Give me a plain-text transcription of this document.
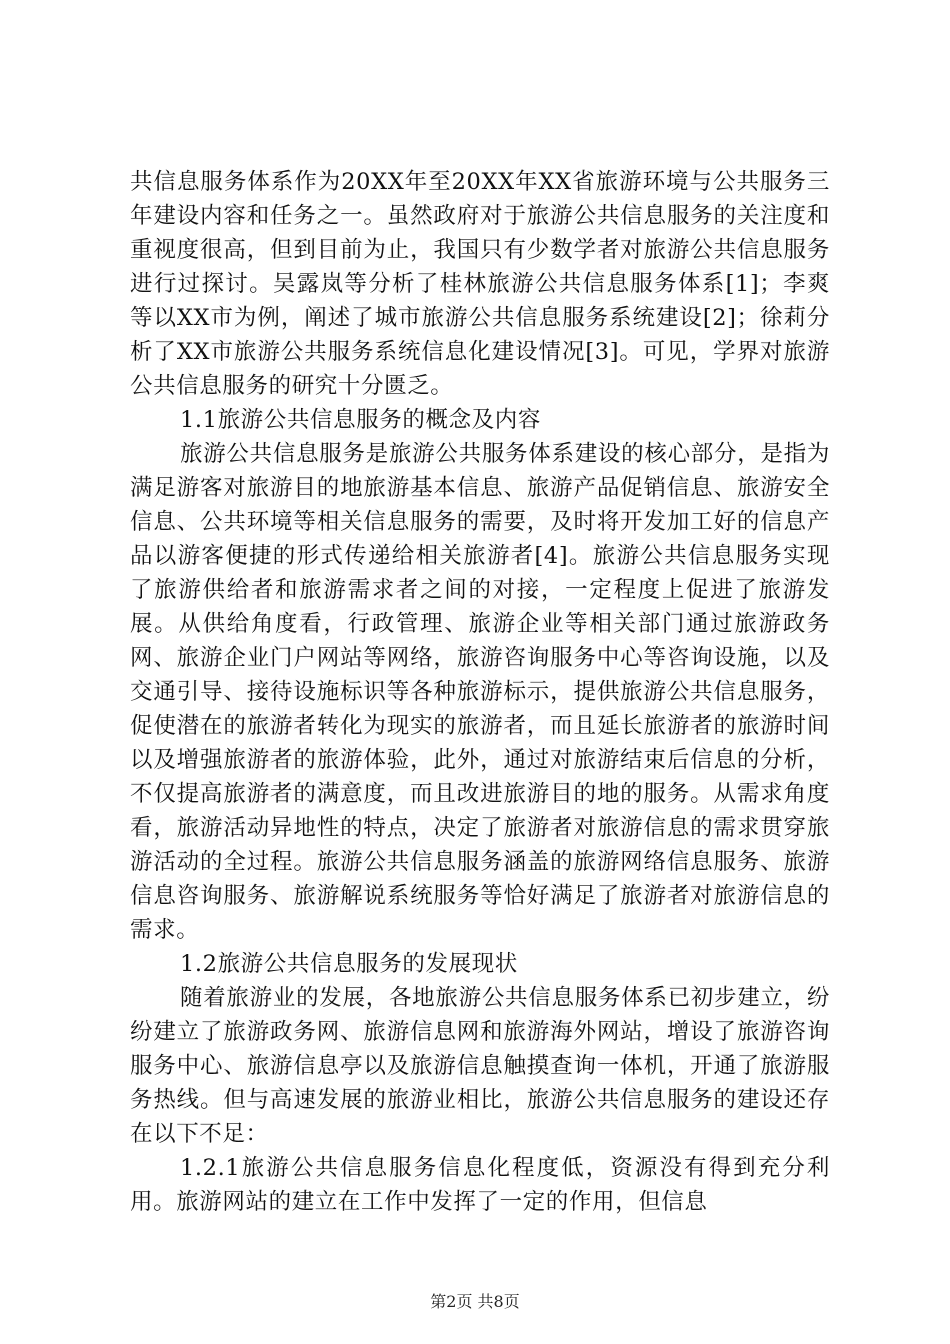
共信息服务体系作为20XX年至20XX年XX省旅游环境与公共服务三年建设内容和任务之一。虽然政府对于旅游公共信息服务的关注度和重视度很高，但到目前为止，我国只有少数学者对旅游公共信息服务进行过探讨。吴露岚等分析了桂林旅游公共信息服务体系[1]；李爽等以XX市为例，阐述了城市旅游公共信息服务系统建设[2]；徐莉分析了XX市旅游公共服务系统信息化建设情况[3]。可见，学界对旅游公共信息服务的研究十分匮乏。

1.1旅游公共信息服务的概念及内容

旅游公共信息服务是旅游公共服务体系建设的核心部分，是指为满足游客对旅游目的地旅游基本信息、旅游产品促销信息、旅游安全信息、公共环境等相关信息服务的需要，及时将开发加工好的信息产品以游客便捷的形式传递给相关旅游者[4]。旅游公共信息服务实现了旅游供给者和旅游需求者之间的对接，一定程度上促进了旅游发展。从供给角度看，行政管理、旅游企业等相关部门通过旅游政务网、旅游企业门户网站等网络，旅游咨询服务中心等咨询设施，以及交通引导、接待设施标识等各种旅游标示，提供旅游公共信息服务，促使潜在的旅游者转化为现实的旅游者，而且延长旅游者的旅游时间以及增强旅游者的旅游体验，此外，通过对旅游结束后信息的分析，不仅提高旅游者的满意度，而且改进旅游目的地的服务。从需求角度看，旅游活动异地性的特点，决定了旅游者对旅游信息的需求贯穿旅游活动的全过程。旅游公共信息服务涵盖的旅游网络信息服务、旅游信息咨询服务、旅游解说系统服务等恰好满足了旅游者对旅游信息的需求。

1.2旅游公共信息服务的发展现状

随着旅游业的发展，各地旅游公共信息服务体系已初步建立，纷纷建立了旅游政务网、旅游信息网和旅游海外网站，增设了旅游咨询服务中心、旅游信息亭以及旅游信息触摸查询一体机，开通了旅游服务热线。但与高速发展的旅游业相比，旅游公共信息服务的建设还存在以下不足：

1.2.1旅游公共信息服务信息化程度低，资源没有得到充分利用。旅游网站的建立在工作中发挥了一定的作用，但信息

第2页 共8页
